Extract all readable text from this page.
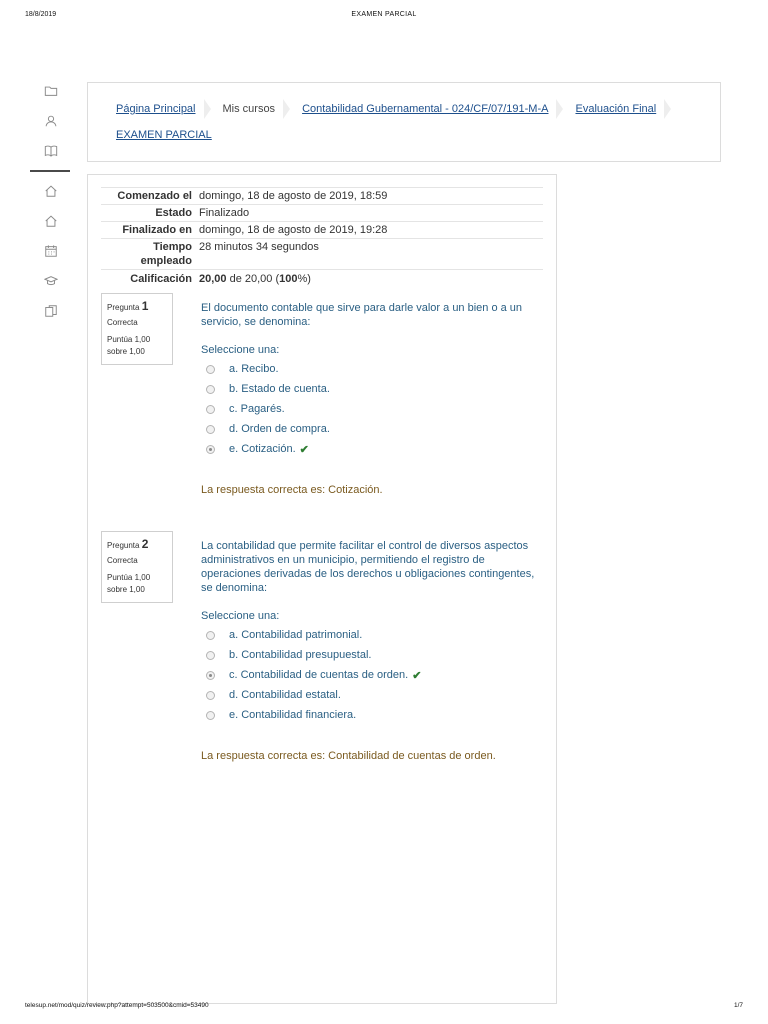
18/8/2019	EXAMEN PARCIAL
Página Principal Mis cursos Contabilidad Gubernamental - 024/CF/07/191-M-A Evaluación Final
EXAMEN PARCIAL
Comenzado el domingo, 18 de agosto de 2019, 18:59
Estado Finalizado
Finalizado en domingo, 18 de agosto de 2019, 19:28
Tiempo
empleado
28 minutos 34 segundos
Calificación 20,00 de 20,00 (100%)
Pregunta 1
Correcta
Puntúa 1,00
sobre 1,00
El documento contable que sirve para darle valor a un bien o a un servicio, se denomina:
Seleccione una:
a. Recibo.
b. Estado de cuenta.
c. Pagarés.
d. Orden de compra.
e. Cotización. ✔
La respuesta correcta es: Cotización.
Pregunta 2
Correcta
Puntúa 1,00
sobre 1,00
La contabilidad que permite facilitar el control de diversos aspectos administrativos en un municipio, permitiendo el registro de operaciones derivadas de los derechos u obligaciones contingentes, se denomina:
Seleccione una:
a. Contabilidad patrimonial.
b. Contabilidad presupuestal.
c. Contabilidad de cuentas de orden. ✔
d. Contabilidad estatal.
e. Contabilidad financiera.
La respuesta correcta es: Contabilidad de cuentas de orden.
telesup.net/mod/quiz/review.php?attempt=503500&cmid=53490	1/7
